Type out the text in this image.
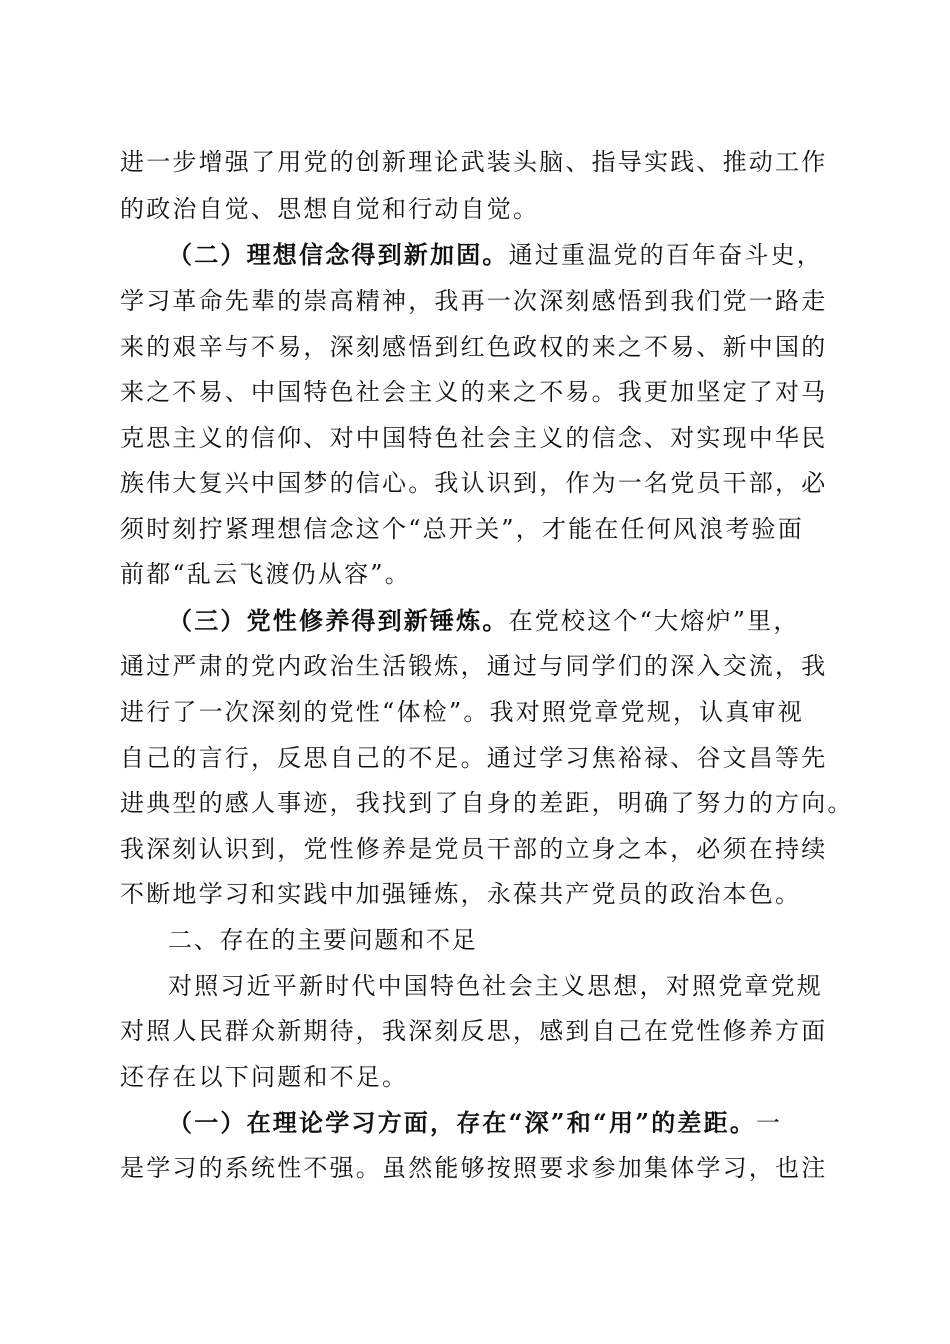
进一步增强了用党的创新理论武装头脑、指导实践、推动工作
的政治自觉、思想自觉和行动自觉。
（二）理想信念得到新加固。通过重温党的百年奋斗史，
学习革命先辈的崇高精神，我再一次深刻感悟到我们党一路走
来的艰辛与不易，深刻感悟到红色政权的来之不易、新中国的
来之不易、中国特色社会主义的来之不易。我更加坚定了对马
克思主义的信仰、对中国特色社会主义的信念、对实现中华民
族伟大复兴中国梦的信心。我认识到，作为一名党员干部，必
须时刻拧紧理想信念这个“总开关”，才能在任何风浪考验面
前都“乱云飞渡仍从容”。
（三）党性修养得到新锤炼。在党校这个“大熔炉”里，
通过严肃的党内政治生活锻炼，通过与同学们的深入交流，我
进行了一次深刻的党性“体检”。我对照党章党规，认真审视
自己的言行，反思自己的不足。通过学习焦裕禄、谷文昌等先
进典型的感人事迹，我找到了自身的差距，明确了努力的方向。
我深刻认识到，党性修养是党员干部的立身之本，必须在持续
不断地学习和实践中加强锤炼，永葆共产党员的政治本色。
二、存在的主要问题和不足
对照习近平新时代中国特色社会主义思想，对照党章党规
对照人民群众新期待，我深刻反思，感到自己在党性修养方面
还存在以下问题和不足。
（一）在理论学习方面，存在“深”和“用”的差距。一
是学习的系统性不强。虽然能够按照要求参加集体学习，也注
